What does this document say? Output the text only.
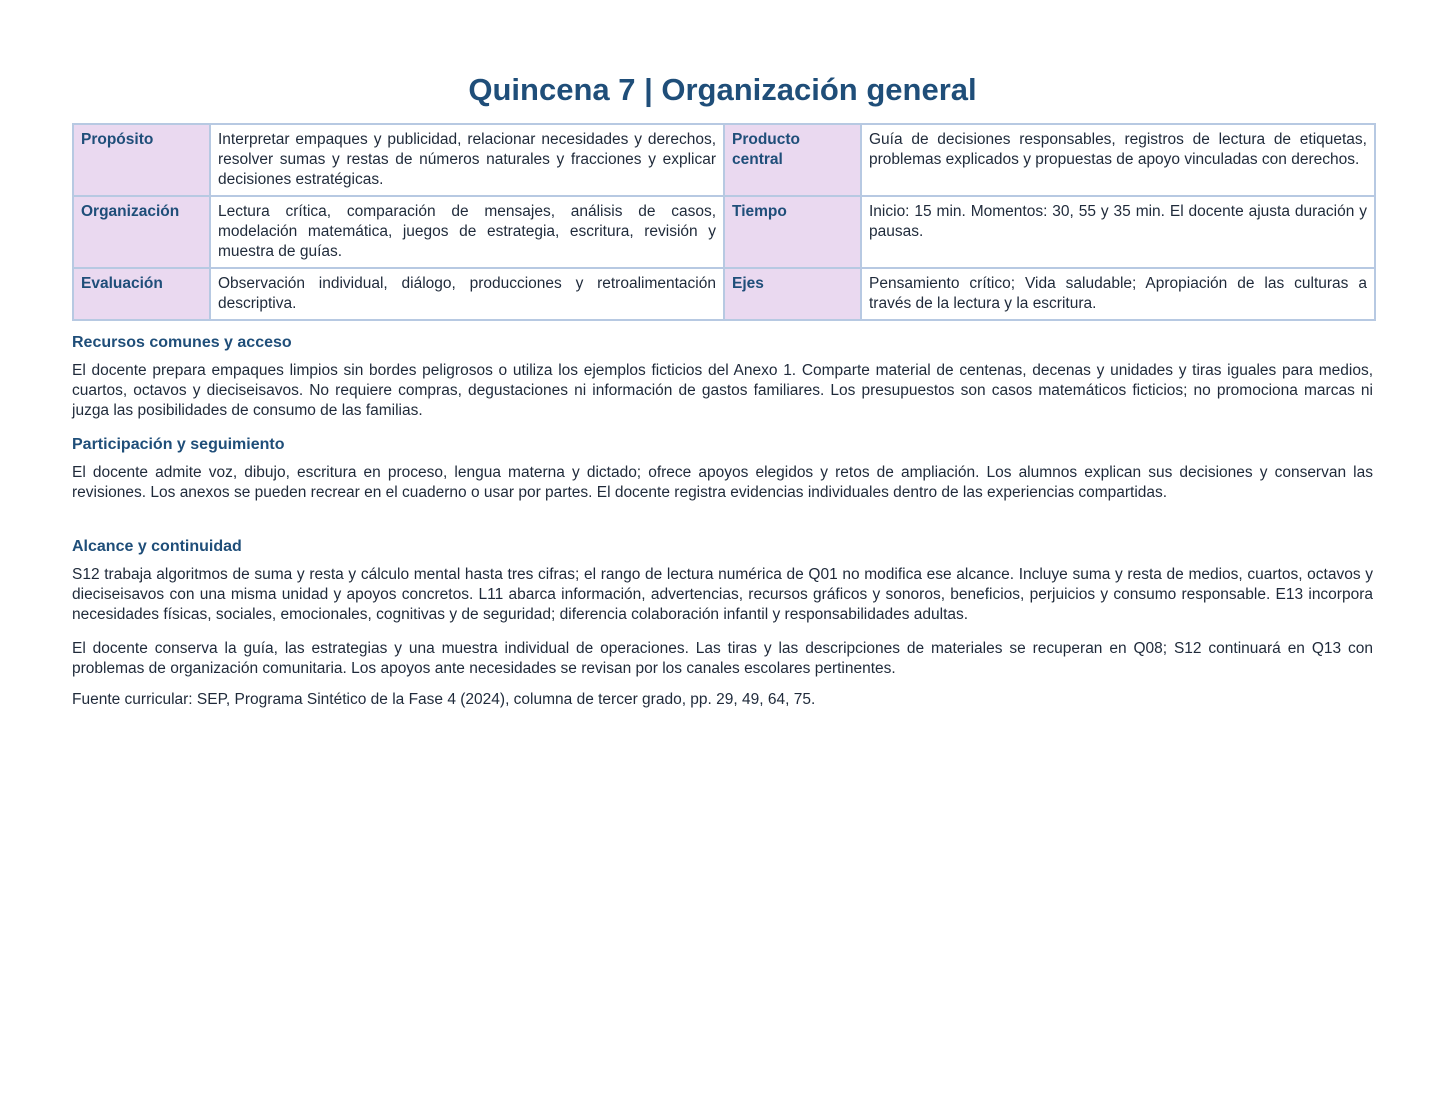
Quincena 7 | Organización general
Propósito	Interpretar empaques y publicidad, relacionar necesidades y derechos, resolver sumas y restas de números naturales y fracciones y explicar decisiones estratégicas.	Producto central	Guía de decisiones responsables, registros de lectura de etiquetas, problemas explicados y propuestas de apoyo vinculadas con derechos.
Organización	Lectura crítica, comparación de mensajes, análisis de casos, modelación matemática, juegos de estrategia, escritura, revisión y muestra de guías.	Tiempo	Inicio: 15 min. Momentos: 30, 55 y 35 min. El docente ajusta duración y pausas.
Evaluación	Observación individual, diálogo, producciones y retroalimentación descriptiva.	Ejes	Pensamiento crítico; Vida saludable; Apropiación de las culturas a través de la lectura y la escritura.

Recursos comunes y acceso

El docente prepara empaques limpios sin bordes peligrosos o utiliza los ejemplos ficticios del Anexo 1. Comparte material de centenas, decenas y unidades y tiras iguales para medios, cuartos, octavos y dieciseisavos. No requiere compras, degustaciones ni información de gastos familiares. Los presupuestos son casos matemáticos ficticios; no promociona marcas ni juzga las posibilidades de consumo de las familias.

Participación y seguimiento

El docente admite voz, dibujo, escritura en proceso, lengua materna y dictado; ofrece apoyos elegidos y retos de ampliación. Los alumnos explican sus decisiones y conservan las revisiones. Los anexos se pueden recrear en el cuaderno o usar por partes. El docente registra evidencias individuales dentro de las experiencias compartidas.

Alcance y continuidad

S12 trabaja algoritmos de suma y resta y cálculo mental hasta tres cifras; el rango de lectura numérica de Q01 no modifica ese alcance. Incluye suma y resta de medios, cuartos, octavos y dieciseisavos con una misma unidad y apoyos concretos. L11 abarca información, advertencias, recursos gráficos y sonoros, beneficios, perjuicios y consumo responsable. E13 incorpora necesidades físicas, sociales, emocionales, cognitivas y de seguridad; diferencia colaboración infantil y responsabilidades adultas.

El docente conserva la guía, las estrategias y una muestra individual de operaciones. Las tiras y las descripciones de materiales se recuperan en Q08; S12 continuará en Q13 con problemas de organización comunitaria. Los apoyos ante necesidades se revisan por los canales escolares pertinentes.

Fuente curricular: SEP, Programa Sintético de la Fase 4 (2024), columna de tercer grado, pp. 29, 49, 64, 75.
